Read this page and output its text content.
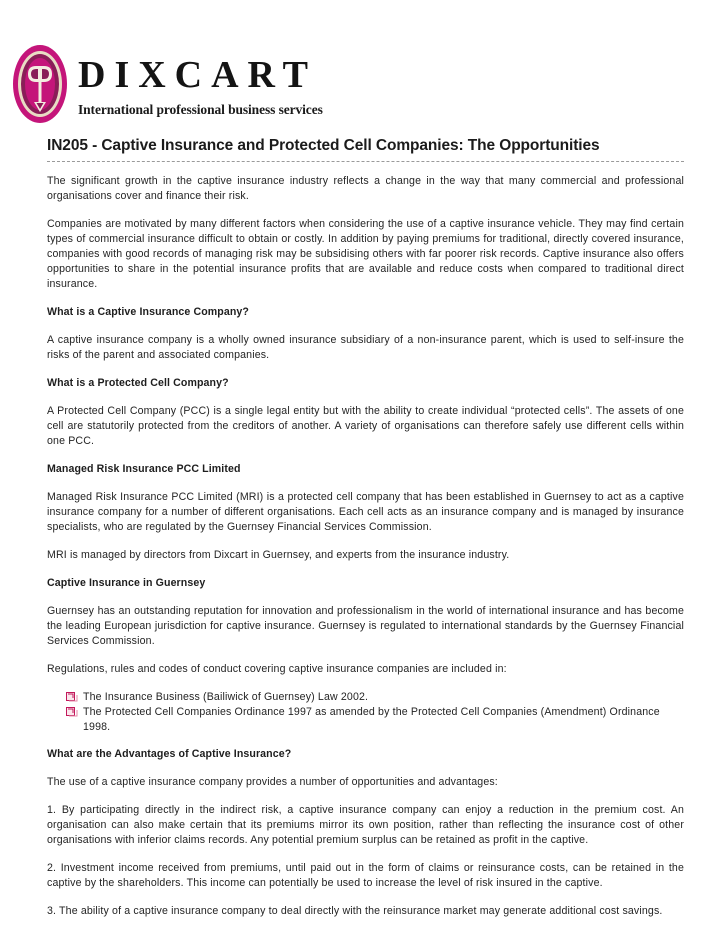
DIXCART
International professional business services
IN205 - Captive Insurance and Protected Cell Companies: The Opportunities

The significant growth in the captive insurance industry reflects a change in the way that many commercial and professional organisations cover and finance their risk.

Companies are motivated by many different factors when considering the use of a captive insurance vehicle. They may find certain types of commercial insurance difficult to obtain or costly. In addition by paying premiums for traditional, directly covered insurance, companies with good records of managing risk may be subsidising others with far poorer risk records. Captive insurance also offers opportunities to share in the potential insurance profits that are available and reduce costs when compared to traditional direct insurance.

What is a Captive Insurance Company?

A captive insurance company is a wholly owned insurance subsidiary of a non-insurance parent, which is used to self-insure the risks of the parent and associated companies.

What is a Protected Cell Company?

A Protected Cell Company (PCC) is a single legal entity but with the ability to create individual “protected cells”. The assets of one cell are statutorily protected from the creditors of another. A variety of organisations can therefore safely use different cells within one PCC.

Managed Risk Insurance PCC Limited

Managed Risk Insurance PCC Limited (MRI) is a protected cell company that has been established in Guernsey to act as a captive insurance company for a number of different organisations. Each cell acts as an insurance company and is managed by insurance specialists, who are regulated by the Guernsey Financial Services Commission.

MRI is managed by directors from Dixcart in Guernsey, and experts from the insurance industry.

Captive Insurance in Guernsey

Guernsey has an outstanding reputation for innovation and professionalism in the world of international insurance and has become the leading European jurisdiction for captive insurance. Guernsey is regulated to international standards by the Guernsey Financial Services Commission.

Regulations, rules and codes of conduct covering captive insurance companies are included in:

The Insurance Business (Bailiwick of Guernsey) Law 2002.
The Protected Cell Companies Ordinance 1997 as amended by the Protected Cell Companies (Amendment) Ordinance 1998.

What are the Advantages of Captive Insurance?

The use of a captive insurance company provides a number of opportunities and advantages:

1. By participating directly in the indirect risk, a captive insurance company can enjoy a reduction in the premium cost. An organisation can also make certain that its premiums mirror its own position, rather than reflecting the insurance cost of other organisations with inferior claims records. Any potential premium surplus can be retained as profit in the captive.

2. Investment income received from premiums, until paid out in the form of claims or reinsurance costs, can be retained in the captive by the shareholders. This income can potentially be used to increase the level of risk insured in the captive.

3. The ability of a captive insurance company to deal directly with the reinsurance market may generate additional cost savings.
